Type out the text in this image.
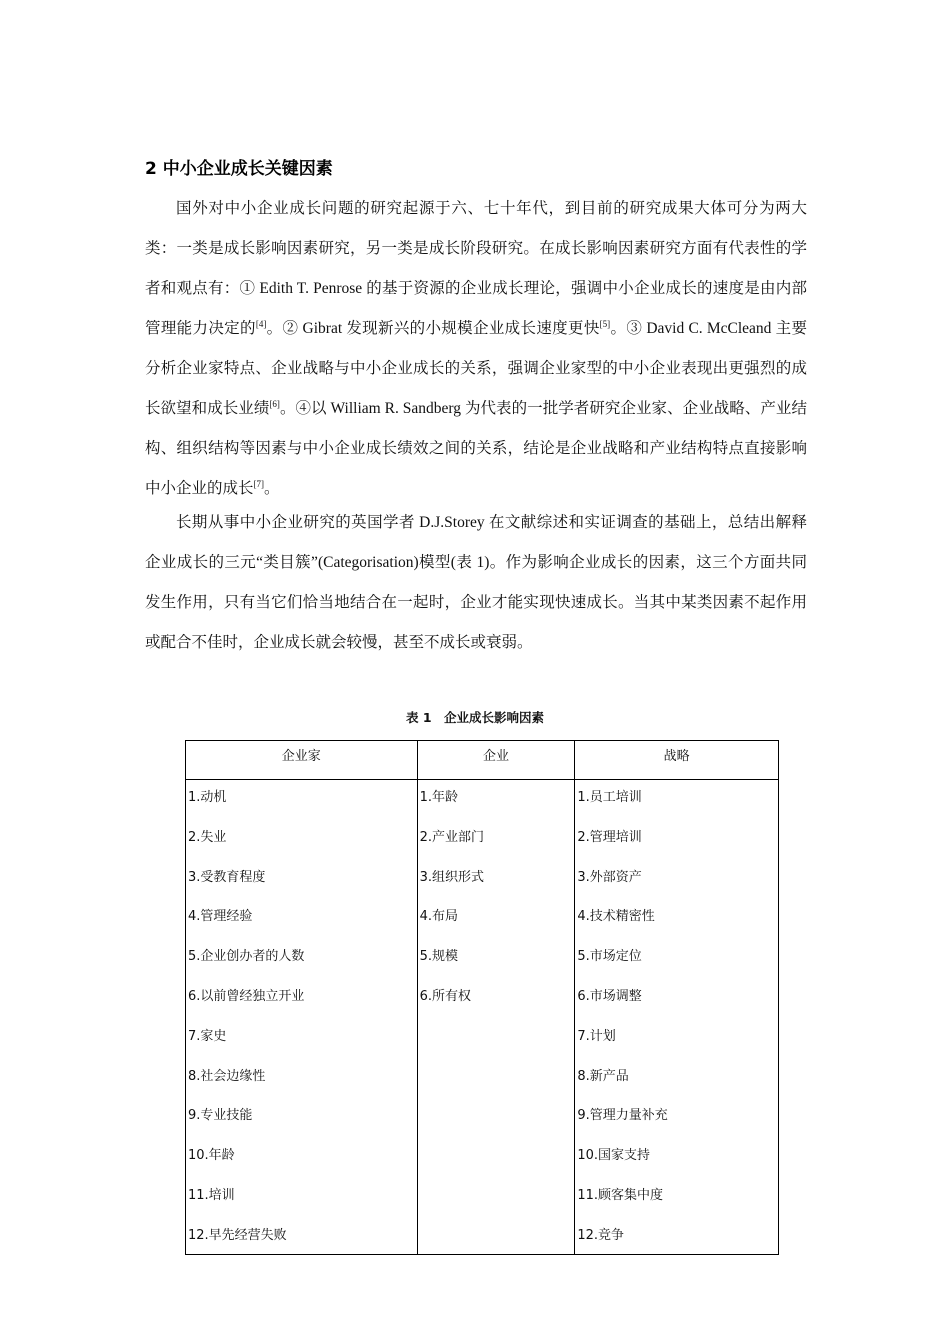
2 中小企业成长关键因素

国外对中小企业成长问题的研究起源于六、七十年代，到目前的研究成果大体可分为两大类：一类是成长影响因素研究，另一类是成长阶段研究。在成长影响因素研究方面有代表性的学者和观点有：① Edith T. Penrose 的基于资源的企业成长理论，强调中小企业成长的速度是由内部管理能力决定的[4]。② Gibrat 发现新兴的小规模企业成长速度更快[5]。③ David C. McCleand 主要分析企业家特点、企业战略与中小企业成长的关系，强调企业家型的中小企业表现出更强烈的成长欲望和成长业绩[6]。④以 William R. Sandberg 为代表的一批学者研究企业家、企业战略、产业结构、组织结构等因素与中小企业成长绩效之间的关系，结论是企业战略和产业结构特点直接影响中小企业的成长[7]。

长期从事中小企业研究的英国学者 D.J.Storey 在文献综述和实证调查的基础上，总结出解释企业成长的三元“类目簇”(Categorisation)模型(表 1)。作为影响企业成长的因素，这三个方面共同发生作用，只有当它们恰当地结合在一起时，企业才能实现快速成长。当其中某类因素不起作用或配合不佳时，企业成长就会较慢，甚至不成长或衰弱。

表 1　企业成长影响因素

企业家	企业	战略
1.动机	1.年龄	1.员工培训
2.失业	2.产业部门	2.管理培训
3.受教育程度	3.组织形式	3.外部资产
4.管理经验	4.布局	4.技术精密性
5.企业创办者的人数	5.规模	5.市场定位
6.以前曾经独立开业	6.所有权	6.市场调整
7.家史		7.计划
8.社会边缘性		8.新产品
9.专业技能		9.管理力量补充
10.年龄		10.国家支持
11.培训		11.顾客集中度
12.早先经营失败		12.竞争
